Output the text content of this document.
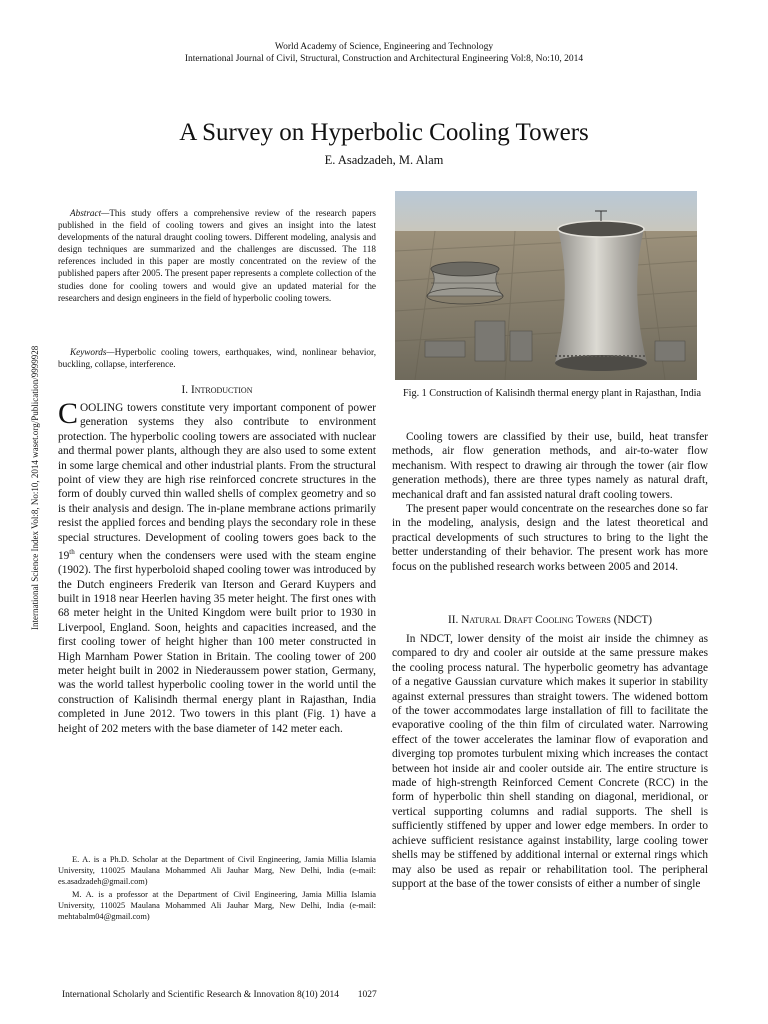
World Academy of Science, Engineering and Technology
International Journal of Civil, Structural, Construction and Architectural Engineering Vol:8, No:10, 2014
A Survey on Hyperbolic Cooling Towers
E. Asadzadeh, M. Alam
International Science Index Vol:8, No:10, 2014 waset.org/Publication/9999928
Abstract—This study offers a comprehensive review of the research papers published in the field of cooling towers and gives an insight into the latest developments of the natural draught cooling towers. Different modeling, analysis and design techniques are summarized and the challenges are discussed. The 118 references included in this paper are mostly concentrated on the review of the published papers after 2005. The present paper represents a complete collection of the studies done for cooling towers and would give an updated material for the researchers and design engineers in the field of hyperbolic cooling towers.
Keywords—Hyperbolic cooling towers, earthquakes, wind, nonlinear behavior, buckling, collapse, interference.
I. Introduction

COOLING towers constitute very important component of power generation systems they also contribute to environment protection. The hyperbolic cooling towers are associated with nuclear and thermal power plants, although they are also used to some extent in some large chemical and other industrial plants. From the structural point of view they are high rise reinforced concrete structures in the form of doubly curved thin walled shells of complex geometry and so is their analysis and design. The in-plane membrane actions primarily resist the applied forces and bending plays the secondary role in these special structures. Development of cooling towers goes back to the 19th century when the condensers were used with the steam engine (1902). The first hyperboloid shaped cooling tower was introduced by the Dutch engineers Frederik van Iterson and Gerard Kuypers and built in 1918 near Heerlen having 35 meter height. The first ones with 68 meter height in the United Kingdom were built prior to 1930 in Liverpool, England. Soon, heights and capacities increased, and the first cooling tower of height higher than 100 meter constructed in High Marnham Power Station in Britain. The cooling tower of 200 meter height built in 2002 in Niederaussem power station, Germany, was the world tallest hyperbolic cooling tower in the world until the construction of Kalisindh thermal energy plant in Rajasthan, India completed in June 2012. Two towers in this plant (Fig. 1) have a height of 202 meters with the base diameter of 142 meter each.

E. A. is a Ph.D. Scholar at the Department of Civil Engineering, Jamia Millia Islamia University, 110025 Maulana Mohammed Ali Jauhar Marg, New Delhi, India (e-mail: es.asadzadeh@gmail.com)

M. A. is a professor at the Department of Civil Engineering, Jamia Millia Islamia University, 110025 Maulana Mohammed Ali Jauhar Marg, New Delhi, India (e-mail: mehtabalm04@gmail.com)

Fig. 1 Construction of Kalisindh thermal energy plant in Rajasthan, India

Cooling towers are classified by their use, build, heat transfer methods, air flow generation methods, and air-to-water flow mechanism. With respect to drawing air through the tower (air flow generation methods), there are three types namely as natural draft, mechanical draft and fan assisted natural draft cooling towers.

The present paper would concentrate on the researches done so far in the modeling, analysis, design and the latest theoretical and practical developments of such structures to bring to the light the better understanding of their behavior. The present work has more focus on the published research works between 2005 and 2014.

II. Natural Draft Cooling Towers (NDCT)

In NDCT, lower density of the moist air inside the chimney as compared to dry and cooler air outside at the same pressure makes the cooling process natural. The hyperbolic geometry has advantage of a negative Gaussian curvature which makes it superior in stability against external pressures than straight towers. The widened bottom of the tower accommodates large installation of fill to facilitate the evaporative cooling of the thin film of circulated water. Narrowing effect of the tower accelerates the laminar flow of evaporation and diverging top promotes turbulent mixing which increases the contact between hot inside air and cooler outside air. The entire structure is made of high-strength Reinforced Cement Concrete (RCC) in the form of hyperbolic thin shell standing on diagonal, meridional, or vertical supporting columns and radial supports. The shell is sufficiently stiffened by upper and lower edge members. In order to achieve sufficient resistance against instability, large cooling tower shells may be stiffened by additional internal or external rings which may also be used as repair or rehabilitation tool. The peripheral support at the base of the tower consists of either a number of single

International Scholarly and Scientific Research & Innovation 8(10) 2014 1027
